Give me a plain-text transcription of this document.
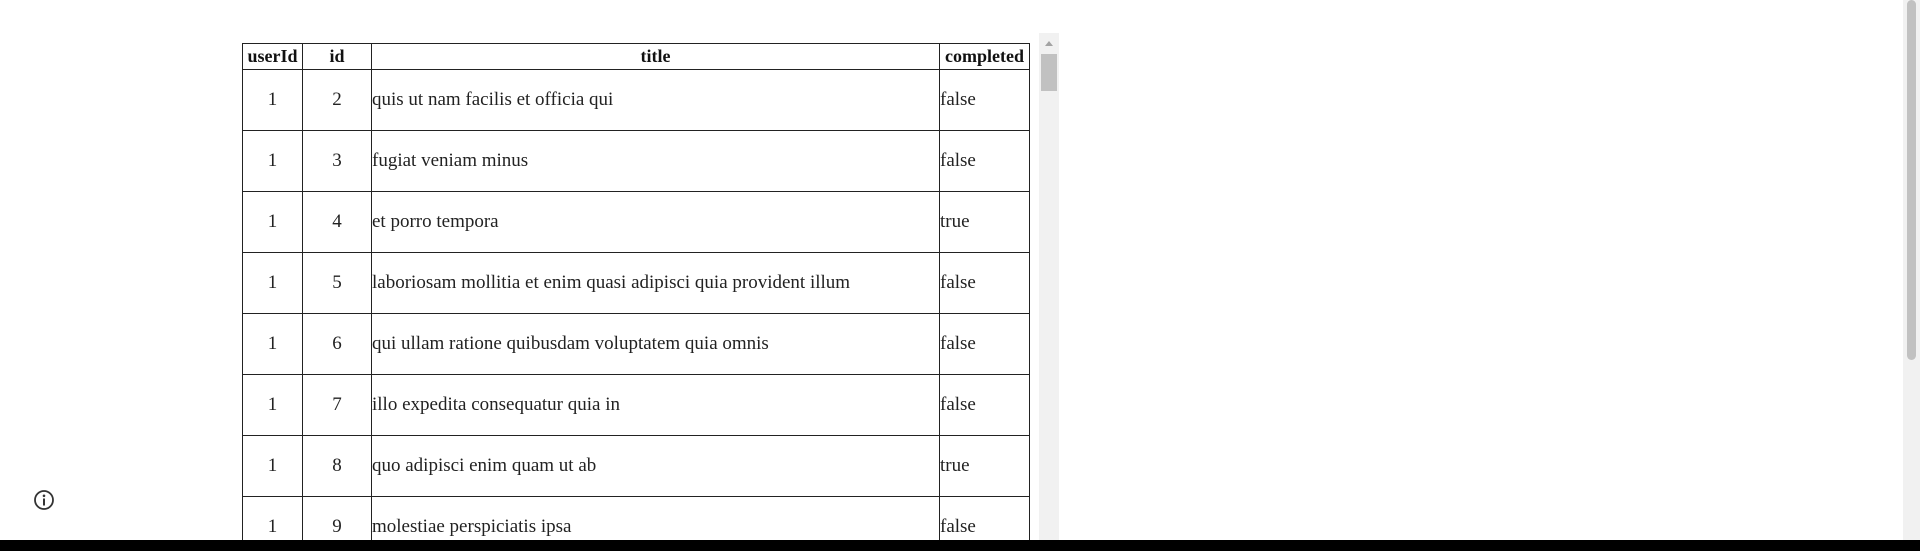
userId	id	title	completed
1	2	quis ut nam facilis et officia qui	false
1	3	fugiat veniam minus	false
1	4	et porro tempora	true
1	5	laboriosam mollitia et enim quasi adipisci quia provident illum	false
1	6	qui ullam ratione quibusdam voluptatem quia omnis	false
1	7	illo expedita consequatur quia in	false
1	8	quo adipisci enim quam ut ab	true
1	9	molestiae perspiciatis ipsa	false
